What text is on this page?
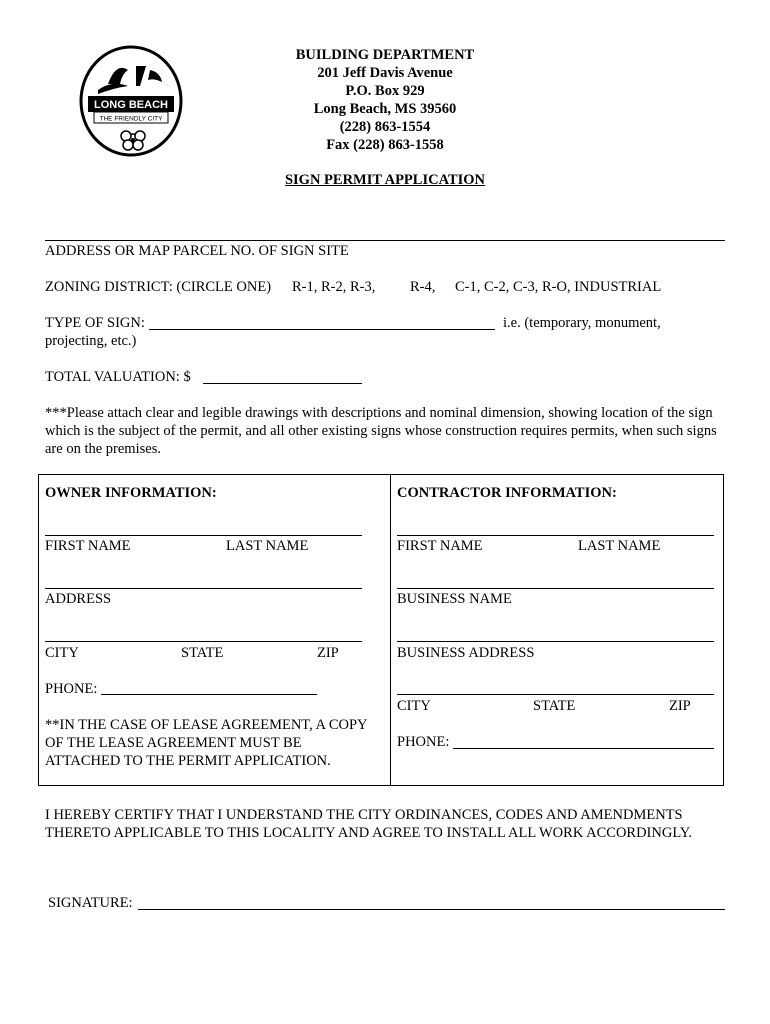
LONG BEACH
THE FRIENDLY CITY
BUILDING DEPARTMENT
201 Jeff Davis Avenue
P.O. Box 929
Long Beach, MS 39560
(228) 863-1554
Fax (228) 863-1558
SIGN PERMIT APPLICATION
ADDRESS OR MAP PARCEL NO. OF SIGN SITE
ZONING DISTRICT: (CIRCLE ONE) R-1, R-2, R-3, R-4, C-1, C-2, C-3, R-O, INDUSTRIAL
TYPE OF SIGN:	i.e. (temporary, monument,
projecting, etc.)
TOTAL VALUATION: $
***Please attach clear and legible drawings with descriptions and nominal dimension, showing location of the sign which is the subject of the permit, and all other existing signs whose construction requires permits, when such signs are on the premises.
OWNER INFORMATION:
FIRST NAME	LAST NAME
ADDRESS
CITY	STATE	ZIP
PHONE:
**IN THE CASE OF LEASE AGREEMENT, A COPY OF THE LEASE AGREEMENT MUST BE ATTACHED TO THE PERMIT APPLICATION.
CONTRACTOR INFORMATION:
FIRST NAME	LAST NAME
BUSINESS NAME
BUSINESS ADDRESS
CITY	STATE	ZIP
PHONE:
I HEREBY CERTIFY THAT I UNDERSTAND THE CITY ORDINANCES, CODES AND AMENDMENTS THERETO APPLICABLE TO THIS LOCALITY AND AGREE TO INSTALL ALL WORK ACCORDINGLY.
SIGNATURE:
